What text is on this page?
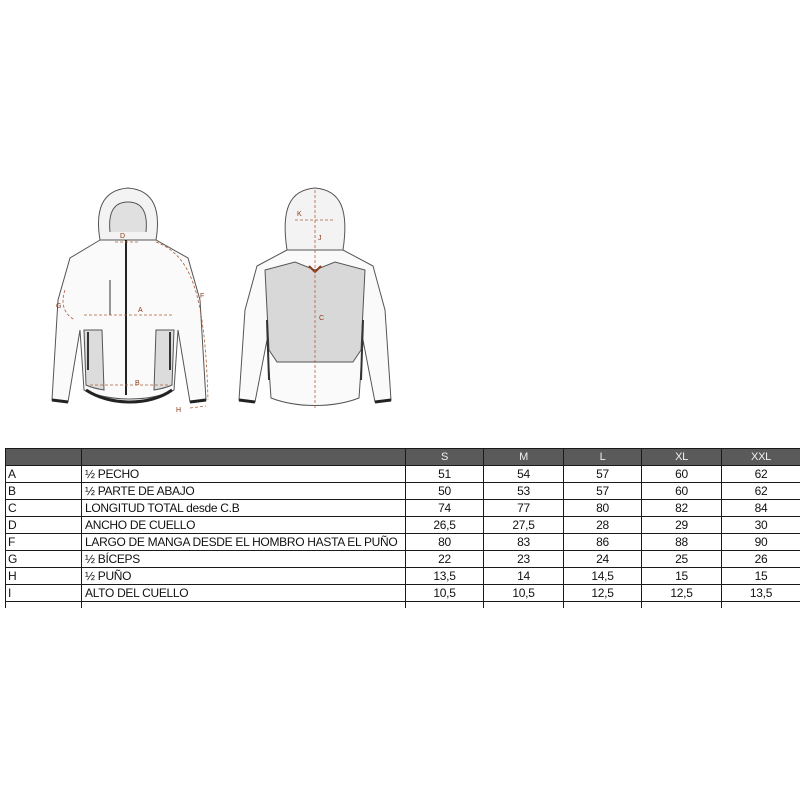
D
G
A
F
B
H
K
J
C
		S	M	L	XL	XXL
A	½ PECHO	51	54	57	60	62
B	½ PARTE DE ABAJO	50	53	57	60	62
C	LONGITUD TOTAL desde C.B	74	77	80	82	84
D	ANCHO DE CUELLO	26,5	27,5	28	29	30
F	LARGO DE MANGA DESDE EL HOMBRO HASTA EL PUÑO	80	83	86	88	90
G	½ BÍCEPS	22	23	24	25	26
H	½ PUÑO	13,5	14	14,5	15	15
I	ALTO DEL CUELLO	10,5	10,5	12,5	12,5	13,5
